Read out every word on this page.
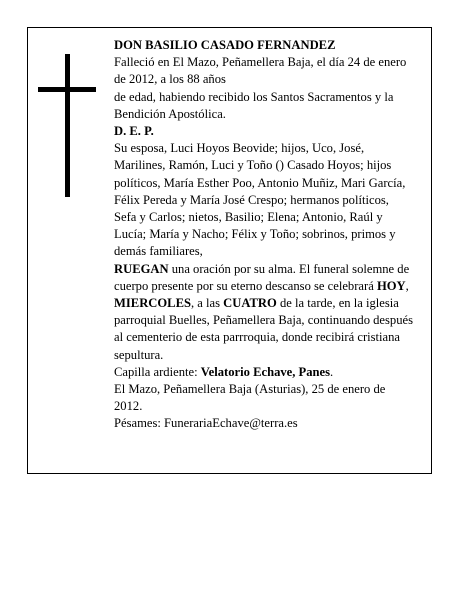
DON BASILIO CASADO FERNANDEZ

Falleció en El Mazo, Peñamellera Baja, el día 24 de enero de 2012, a los 88 años

de edad, habiendo recibido los Santos Sacramentos y la Bendición Apostólica.

D. E. P.

Su esposa, Luci Hoyos Beovide; hijos, Uco, José, Marilines, Ramón, Luci y Toño () Casado Hoyos; hijos políticos, María Esther Poo, Antonio Muñiz, Mari García, Félix Pereda y María José Crespo; hermanos políticos, Sefa y Carlos; nietos, Basilio; Elena; Antonio, Raúl y Lucía; María y Nacho; Félix y Toño; sobrinos, primos y demás familiares,

RUEGAN una oración por su alma. El funeral solemne de cuerpo presente por su eterno descanso se celebrará HOY, MIERCOLES, a las CUATRO de la tarde, en la iglesia parroquial Buelles, Peñamellera Baja, continuando después al cementerio de esta parrroquia, donde recibirá cristiana sepultura.

Capilla ardiente: Velatorio Echave, Panes.

El Mazo, Peñamellera Baja (Asturias), 25 de enero de 2012.

Pésames: FunerariaEchave@terra.es
